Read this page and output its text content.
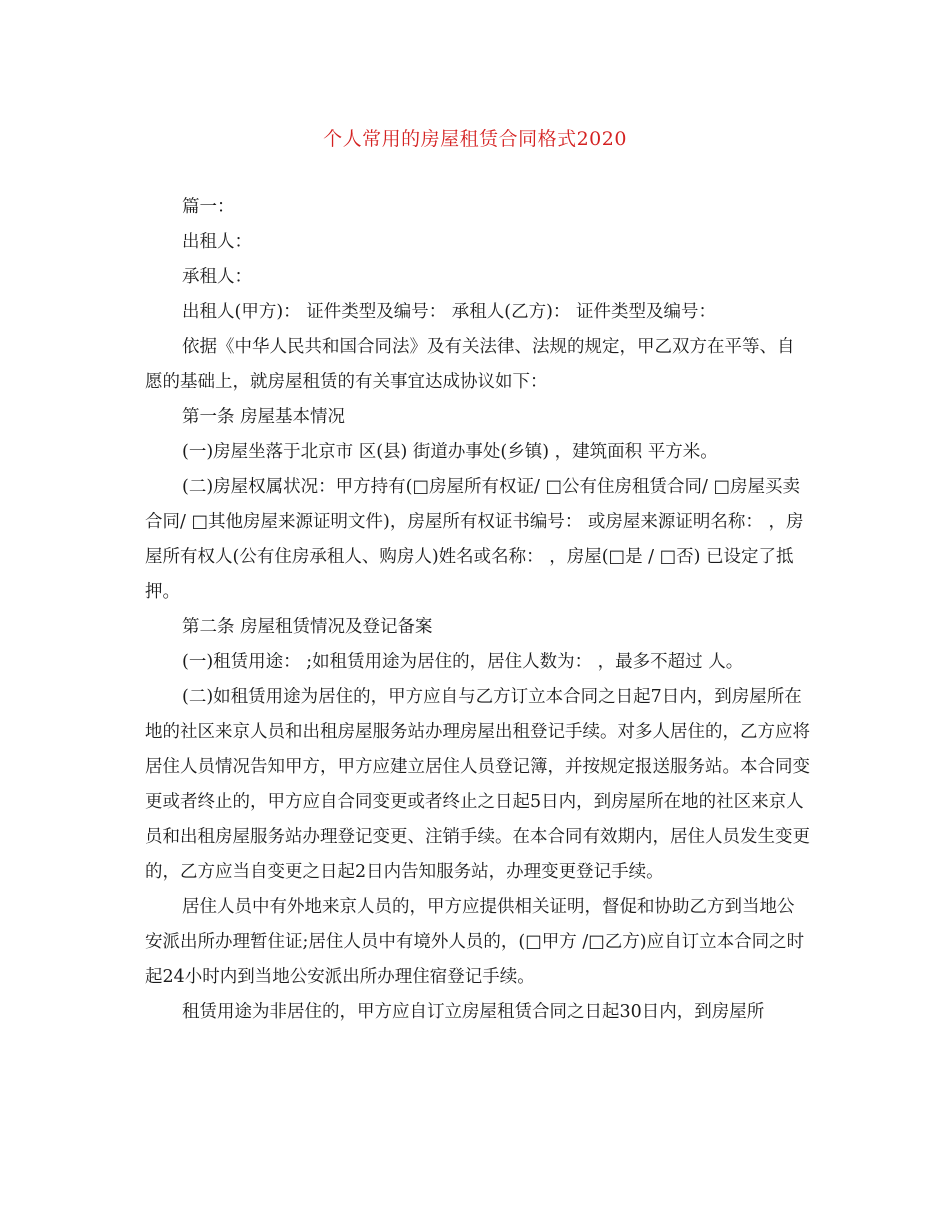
个人常用的房屋租赁合同格式2020

篇一：

出租人：

承租人：

出租人(甲方)： 证件类型及编号： 承租人(乙方)： 证件类型及编号：

依据《中华人民共和国合同法》及有关法律、法规的规定，甲乙双方在平等、自愿的基础上，就房屋租赁的有关事宜达成协议如下：

第一条 房屋基本情况

(一)房屋坐落于北京市 区(县) 街道办事处(乡镇) ，建筑面积 平方米。

(二)房屋权属状况：甲方持有(□房屋所有权证/ □公有住房租赁合同/ □房屋买卖合同/ □其他房屋来源证明文件)，房屋所有权证书编号： 或房屋来源证明名称： ，房屋所有权人(公有住房承租人、购房人)姓名或名称： ，房屋(□是 / □否) 已设定了抵押。

第二条 房屋租赁情况及登记备案

(一)租赁用途： ;如租赁用途为居住的，居住人数为： ，最多不超过 人。

(二)如租赁用途为居住的，甲方应自与乙方订立本合同之日起7日内，到房屋所在地的社区来京人员和出租房屋服务站办理房屋出租登记手续。对多人居住的，乙方应将居住人员情况告知甲方，甲方应建立居住人员登记簿，并按规定报送服务站。本合同变更或者终止的，甲方应自合同变更或者终止之日起5日内，到房屋所在地的社区来京人员和出租房屋服务站办理登记变更、注销手续。在本合同有效期内，居住人员发生变更的，乙方应当自变更之日起2日内告知服务站，办理变更登记手续。

居住人员中有外地来京人员的，甲方应提供相关证明，督促和协助乙方到当地公安派出所办理暂住证;居住人员中有境外人员的，(□甲方 /□乙方)应自订立本合同之时起24小时内到当地公安派出所办理住宿登记手续。

租赁用途为非居住的，甲方应自订立房屋租赁合同之日起30日内，到房屋所
